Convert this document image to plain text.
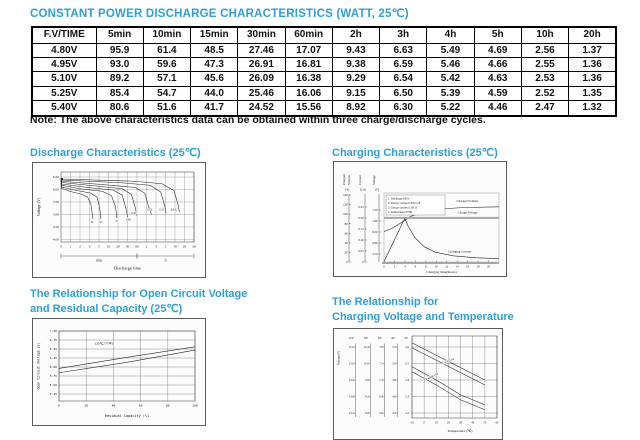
CONSTANT POWER DISCHARGE CHARACTERISTICS (WATT, 25℃)
F.V/TIME	5min	10min	15min	30min	60min	2h	3h	4h	5h	10h	20h
4.80V	95.9	61.4	48.5	27.46	17.07	9.43	6.63	5.49	4.69	2.56	1.37
4.95V	93.0	59.6	47.3	26.91	16.81	9.38	6.59	5.46	4.66	2.55	1.36
5.10V	89.2	57.1	45.6	26.09	16.38	9.29	6.54	5.42	4.63	2.53	1.36
5.25V	85.4	54.7	44.0	25.46	16.06	9.15	6.50	5.39	4.59	2.52	1.35
5.40V	80.6	51.6	41.7	24.52	15.56	8.92	6.30	5.22	4.46	2.47	1.32
Note: The above characteristics data can be obtained within three charge/discharge cycles.
Discharge Characteristics (25℃)
6.50
6.00
5.50
5.00
4.50
4.00
0 1 2 3 5 10 20 30 60 2 3 5 10 20 30
Voltage (V)
min	h
Discharge time
3C 2C 1C 0.6C
0.4C
0.2C 0.1C 0.05C
Charging Characteristics (25℃)
Charged Volume
(%)
140
120
100
80
60
40
20
0
Current
(CA)
0.25
0.20
0.15
0.10
0.05
0
Voltage
(V)
7.50
7.00
6.50
6.00
5.50
0 2 4 6 8 10 12 14 16 18 20
Charging time(hours)
1. Discharge:100%
2. Charge voltage:2.40V/cell
3. Charge current:0.20CA
4. Temperature:25℃
Charged Volume
Charge Voltage
Charging Current
The Relationship for Open Circuit Voltage
and Residual Capacity (25℃)
7.00
6.75
6.50
6.25
6.00
5.75
5.50
5.25
0	20	40	60	80	100
Open Circuit Voltage (V)
Residual Capacity (%)
(25℃/77℉)
The Relationship for
Charging Voltage and Temperature
12V
15.6
15.0
14.4
13.8
13.2
8V
10.4
10.0
9.6
9.2
8.8
6V
7.8
7.5
7.2
6.9
6.6
4V
5.2
5.0
4.8
4.6
4.4
2V
2.6
2.5
2.4
2.3
2.2
Voltage(V)
-10 0 10 20 30 40 50 60
Temperature (℃)
Cycle Use
Floating Use
